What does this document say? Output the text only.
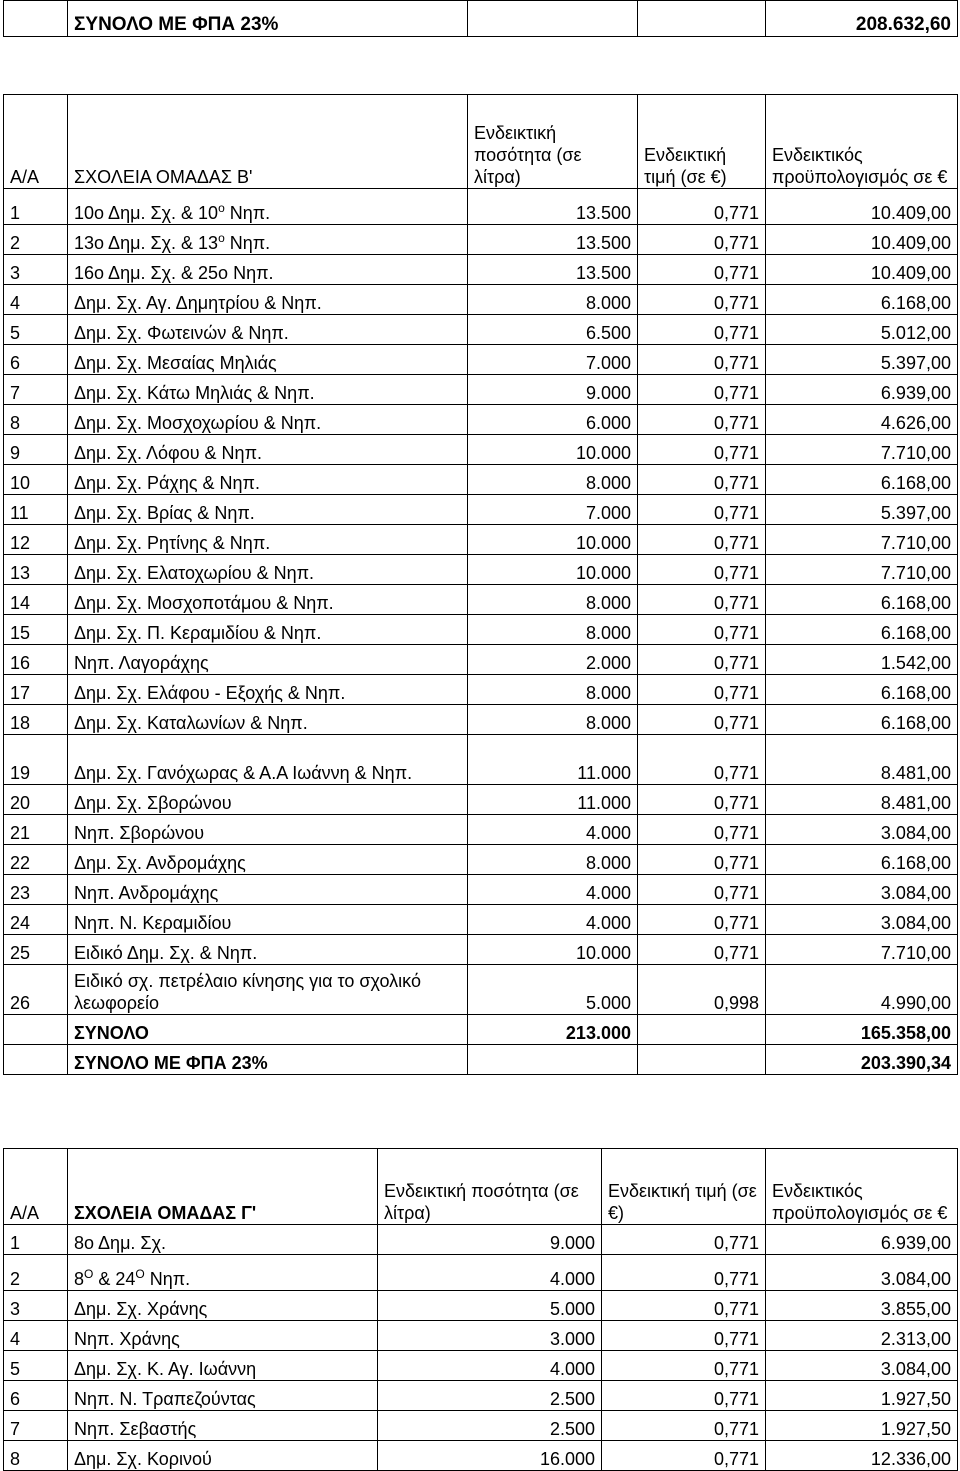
	ΣΥΝΟΛΟ ΜΕ ΦΠΑ 23%			208.632,60
Α/Α	ΣΧΟΛΕΙΑ ΟΜΑΔΑΣ Β'	Ενδεικτική ποσότητα (σε λίτρα)	Ενδεικτική τιμή (σε €)	Ενδεικτικός προϋπολογισμός σε €
1	10ο Δημ. Σχ. & $10^o$ Νηπ.	13.500	0,771	10.409,00
2	13ο Δημ. Σχ. & $13^o$ Νηπ.	13.500	0,771	10.409,00
3	16ο Δημ. Σχ. & 25ο Νηπ.	13.500	0,771	10.409,00
4	Δημ. Σχ. Αγ. Δημητρίου & Νηπ.	8.000	0,771	6.168,00
5	Δημ. Σχ. Φωτεινών & Νηπ.	6.500	0,771	5.012,00
6	Δημ. Σχ. Μεσαίας Μηλιάς	7.000	0,771	5.397,00
7	Δημ. Σχ. Κάτω Μηλιάς & Νηπ.	9.000	0,771	6.939,00
8	Δημ. Σχ. Μοσχοχωρίου & Νηπ.	6.000	0,771	4.626,00
9	Δημ. Σχ. Λόφου & Νηπ.	10.000	0,771	7.710,00
10	Δημ. Σχ. Ράχης & Νηπ.	8.000	0,771	6.168,00
11	Δημ. Σχ. Βρίας & Νηπ.	7.000	0,771	5.397,00
12	Δημ. Σχ. Ρητίνης & Νηπ.	10.000	0,771	7.710,00
13	Δημ. Σχ. Ελατοχωρίου & Νηπ.	10.000	0,771	7.710,00
14	Δημ. Σχ. Μοσχοποτάμου & Νηπ.	8.000	0,771	6.168,00
15	Δημ. Σχ. Π. Κεραμιδίου & Νηπ.	8.000	0,771	6.168,00
16	Νηπ. Λαγοράχης	2.000	0,771	1.542,00
17	Δημ. Σχ. Ελάφου - Εξοχής & Νηπ.	8.000	0,771	6.168,00
18	Δημ. Σχ. Καταλωνίων & Νηπ.	8.000	0,771	6.168,00
19	Δημ. Σχ. Γανόχωρας & Α.Α Ιωάννη & Νηπ.	11.000	0,771	8.481,00
20	Δημ. Σχ. Σβορώνου	11.000	0,771	8.481,00
21	Νηπ. Σβορώνου	4.000	0,771	3.084,00
22	Δημ. Σχ. Ανδρομάχης	8.000	0,771	6.168,00
23	Νηπ. Ανδρομάχης	4.000	0,771	3.084,00
24	Νηπ. Ν. Κεραμιδίου	4.000	0,771	3.084,00
25	Ειδικό Δημ. Σχ. & Νηπ.	10.000	0,771	7.710,00
26	Ειδικό σχ. πετρέλαιο κίνησης για το σχολικό λεωφορείο	5.000	0,998	4.990,00
	ΣΥΝΟΛΟ	213.000		165.358,00
	ΣΥΝΟΛΟ ΜΕ ΦΠΑ 23%			203.390,34
Α/Α	ΣΧΟΛΕΙΑ ΟΜΑΔΑΣ Γ'	Ενδεικτική ποσότητα (σε λίτρα)	Ενδεικτική τιμή (σε €)	Ενδεικτικός προϋπολογισμός σε €
1	8ο Δημ. Σχ.	9.000	0,771	6.939,00
2	$8^O$ & $24^O$ Νηπ.	4.000	0,771	3.084,00
3	Δημ. Σχ. Χράνης	5.000	0,771	3.855,00
4	Νηπ. Χράνης	3.000	0,771	2.313,00
5	Δημ. Σχ. Κ. Αγ. Ιωάννη	4.000	0,771	3.084,00
6	Νηπ. Ν. Τραπεζούντας	2.500	0,771	1.927,50
7	Νηπ. Σεβαστής	2.500	0,771	1.927,50
8	Δημ. Σχ. Κορινού	16.000	0,771	12.336,00
